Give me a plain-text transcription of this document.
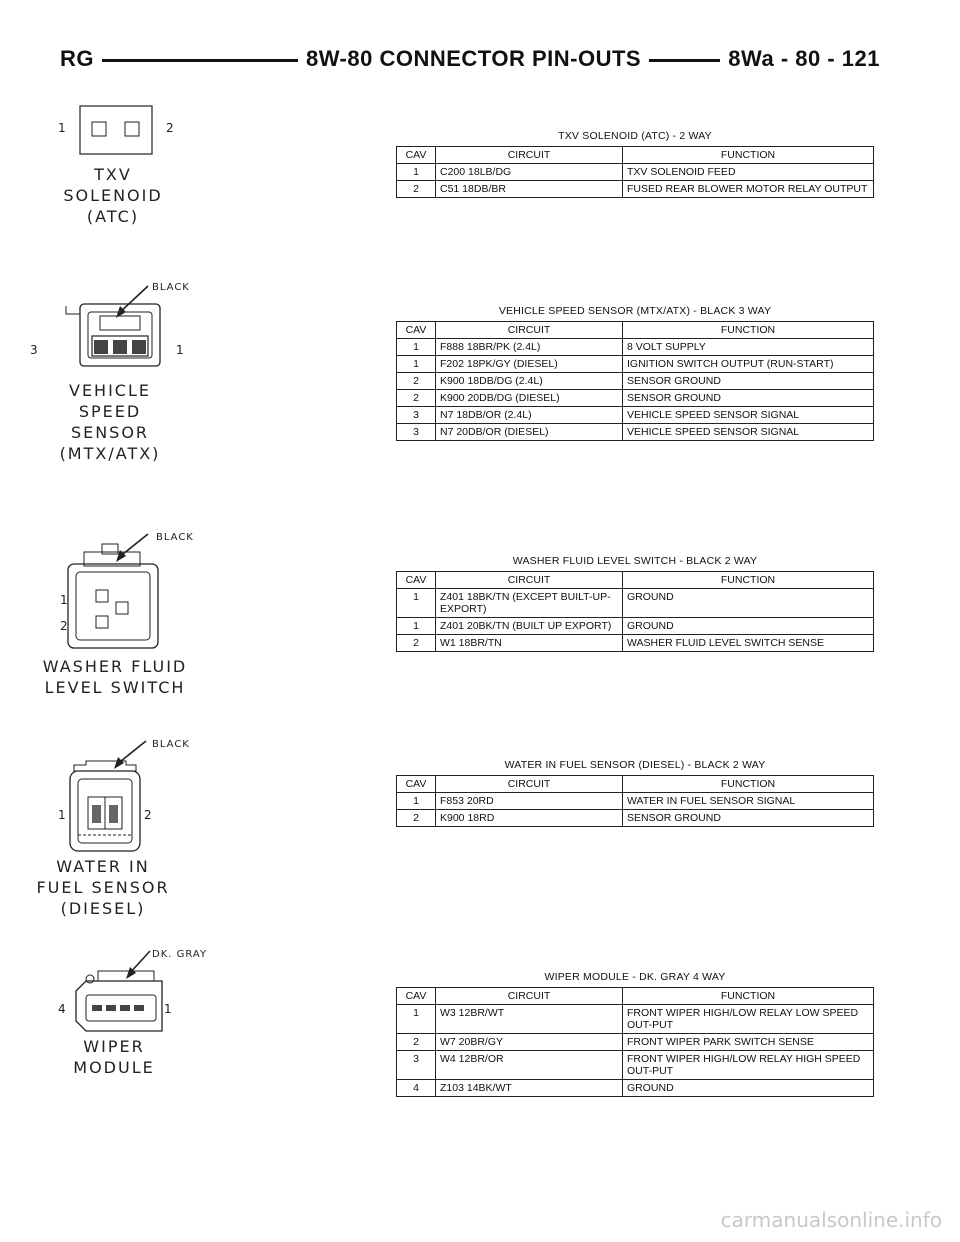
RG	8W-80 CONNECTOR PIN-OUTS	8Wa - 80 - 121
1	2
TXV
SOLENOID
(ATC)
TXV SOLENOID (ATC) - 2 WAY
CAV	CIRCUIT	FUNCTION
1	C200 18LB/DG	TXV SOLENOID FEED
2	C51 18DB/BR	FUSED REAR BLOWER MOTOR RELAY OUTPUT
BLACK
3	1
VEHICLE
SPEED
SENSOR
(MTX/ATX)
VEHICLE SPEED SENSOR (MTX/ATX) - BLACK 3 WAY
CAV	CIRCUIT	FUNCTION
1	F888 18BR/PK (2.4L)	8 VOLT SUPPLY
1	F202 18PK/GY (DIESEL)	IGNITION SWITCH OUTPUT (RUN-START)
2	K900 18DB/DG (2.4L)	SENSOR GROUND
2	K900 20DB/DG (DIESEL)	SENSOR GROUND
3	N7 18DB/OR (2.4L)	VEHICLE SPEED SENSOR SIGNAL
3	N7 20DB/OR (DIESEL)	VEHICLE SPEED SENSOR SIGNAL
BLACK
1
2
WASHER FLUID
LEVEL SWITCH
WASHER FLUID LEVEL SWITCH - BLACK 2 WAY
CAV	CIRCUIT	FUNCTION
1	Z401 18BK/TN (EXCEPT BUILT-UP-EXPORT)	GROUND
1	Z401 20BK/TN (BUILT UP EXPORT)	GROUND
2	W1 18BR/TN	WASHER FLUID LEVEL SWITCH SENSE
BLACK
1	2
WATER IN
FUEL SENSOR
(DIESEL)
WATER IN FUEL SENSOR (DIESEL) - BLACK 2 WAY
CAV	CIRCUIT	FUNCTION
1	F853 20RD	WATER IN FUEL SENSOR SIGNAL
2	K900 18RD	SENSOR GROUND
DK. GRAY
4	1
WIPER
MODULE
WIPER MODULE - DK. GRAY 4 WAY
CAV	CIRCUIT	FUNCTION
1	W3 12BR/WT	FRONT WIPER HIGH/LOW RELAY LOW SPEED OUT-PUT
2	W7 20BR/GY	FRONT WIPER PARK SWITCH SENSE
3	W4 12BR/OR	FRONT WIPER HIGH/LOW RELAY HIGH SPEED OUT-PUT
4	Z103 14BK/WT	GROUND
carmanualsonline.info
